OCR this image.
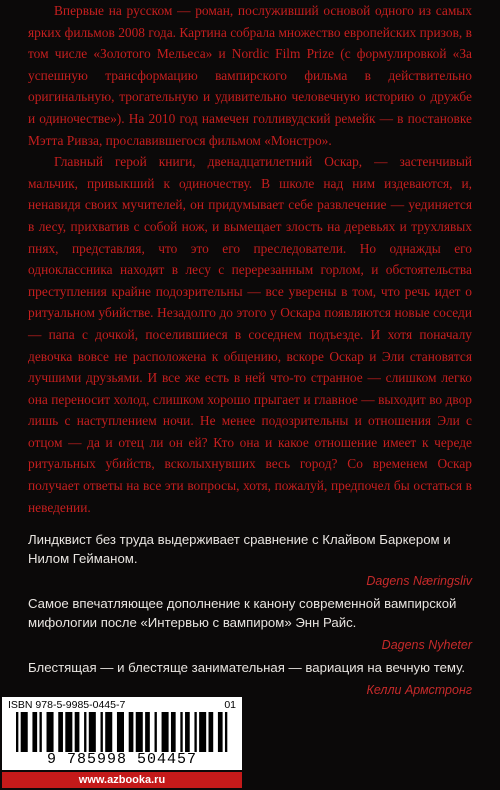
Впервые на русском — роман, послуживший основой одного из самых ярких фильмов 2008 года. Картина собрала множество европейских призов, в том числе «Золотого Мельеса» и Nordic Film Prize (с формулировкой «За успешную трансформацию вампирского фильма в действительно оригинальную, трогательную и удивительно человечную историю о дружбе и одиночестве»). На 2010 год намечен голливудский ремейк — в постановке Мэтта Ривза, прославившегося фильмом «Монстро».

Главный герой книги, двенадцатилетний Оскар, — застенчивый мальчик, привыкший к одиночеству. В школе над ним издеваются, и, ненавидя своих мучителей, он придумывает себе развлечение — уединяется в лесу, прихватив с собой нож, и вымещает злость на деревьях и трухлявых пнях, представляя, что это его преследователи. Но однажды его одноклассника находят в лесу с перерезанным горлом, и обстоятельства преступления крайне подозрительны — все уверены в том, что речь идет о ритуальном убийстве. Незадолго до этого у Оскара появляются новые соседи — папа с дочкой, поселившиеся в соседнем подъезде. И хотя поначалу девочка вовсе не расположена к общению, вскоре Оскар и Эли становятся лучшими друзьями. И все же есть в ней что-то странное — слишком легко она переносит холод, слишком хорошо прыгает и главное — выходит во двор лишь с наступлением ночи. Не менее подозрительны и отношения Эли с отцом — да и отец ли он ей? Кто она и какое отношение имеет к череде ритуальных убийств, всколыхнувших весь город? Со временем Оскар получает ответы на все эти вопросы, хотя, пожалуй, предпочел бы остаться в неведении.

Линдквист без труда выдерживает сравнение с Клайвом Баркером и Нилом Гейманом.

Dagens Næringsliv

Самое впечатляющее дополнение к канону современной вампирской мифологии после «Интервью с вампиром» Энн Райс.

Dagens Nyheter

Блестящая — и блестяще занимательная — вариация на вечную тему.

Келли Армстронг
ISBN 978-5-9985-0445-7	01
9 785998 504457
www.azbooka.ru
